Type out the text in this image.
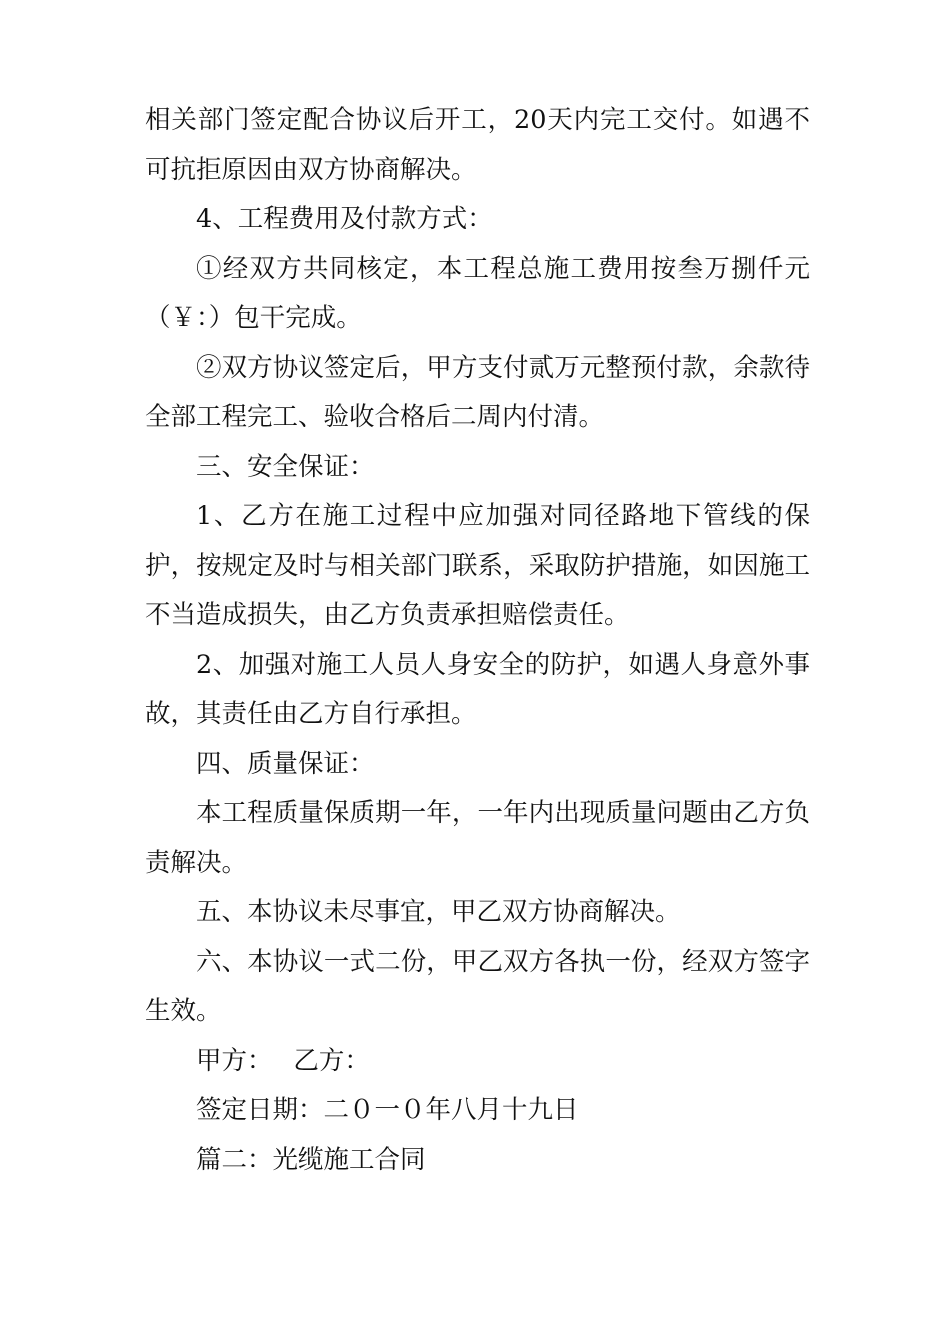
相关部门签定配合协议后开工，20天内完工交付。如遇不可抗拒原因由双方协商解决。

4、工程费用及付款方式：

①经双方共同核定，本工程总施工费用按叁万捌仟元（￥：）包干完成。

②双方协议签定后，甲方支付贰万元整预付款，余款待全部工程完工、验收合格后二周内付清。

三、安全保证：

1、乙方在施工过程中应加强对同径路地下管线的保护，按规定及时与相关部门联系，采取防护措施，如因施工不当造成损失，由乙方负责承担赔偿责任。

2、加强对施工人员人身安全的防护，如遇人身意外事故，其责任由乙方自行承担。

四、质量保证：

本工程质量保质期一年，一年内出现质量问题由乙方负责解决。

五、本协议未尽事宜，甲乙双方协商解决。

六、本协议一式二份，甲乙双方各执一份，经双方签字生效。

甲方：　 乙方：

签定日期：二０一０年八月十九日

篇二：光缆施工合同
